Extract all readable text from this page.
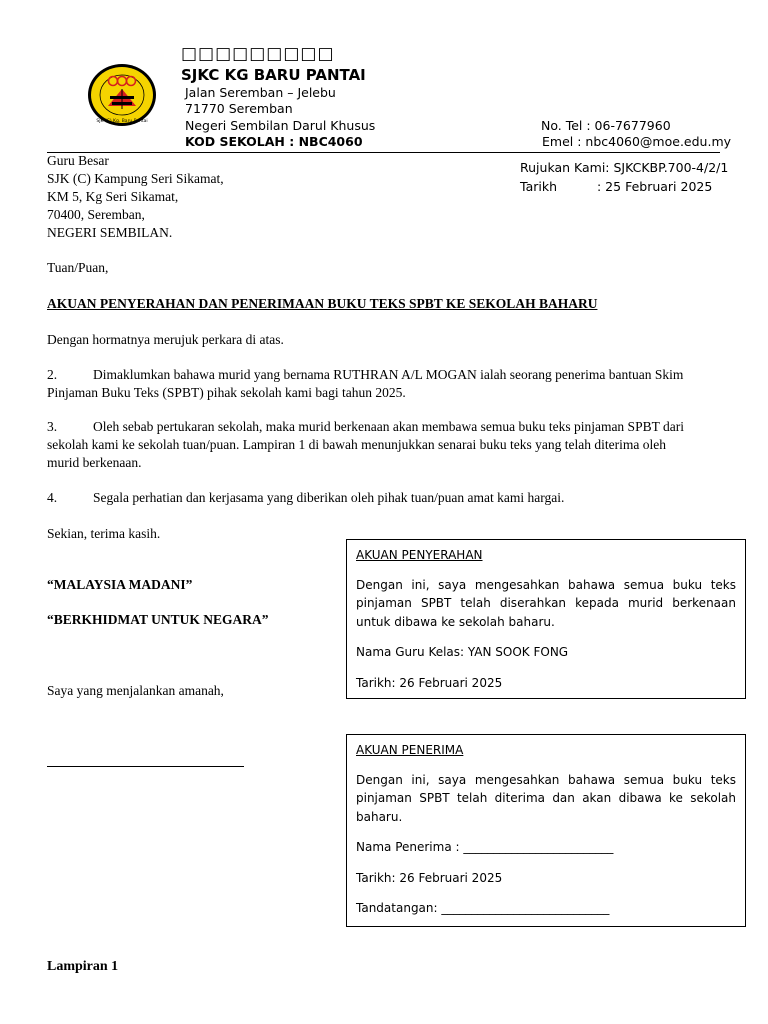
SJK (C) Kg. Baru Pantai
□□□□□□□□□
SJKC KG BARU PANTAI
Jalan Seremban – Jelebu
71770 Seremban
Negeri Sembilan Darul Khusus
KOD SEKOLAH : NBC4060
No. Tel : 06-7677960
Emel : nbc4060@moe.edu.my
Guru Besar
SJK (C) Kampung Seri Sikamat,
KM 5, Kg Seri Sikamat,
70400, Seremban,
NEGERI SEMBILAN.
Rujukan Kami: SJKCKBP.700-4/2/1
Tarikh	: 25 Februari 2025
Tuan/Puan,
AKUAN PENYERAHAN DAN PENERIMAAN BUKU TEKS SPBT KE SEKOLAH BAHARU
Dengan hormatnya merujuk perkara di atas.
2.	Dimaklumkan bahawa murid yang bernama RUTHRAN A/L MOGAN ialah seorang penerima bantuan Skim
Pinjaman Buku Teks (SPBT) pihak sekolah kami bagi tahun 2025.
3.	Oleh sebab pertukaran sekolah, maka murid berkenaan akan membawa semua buku teks pinjaman SPBT dari
sekolah kami ke sekolah tuan/puan. Lampiran 1 di bawah menunjukkan senarai buku teks yang telah diterima oleh
murid berkenaan.
4.	Segala perhatian dan kerjasama yang diberikan oleh pihak tuan/puan amat kami hargai.
Sekian, terima kasih.
“MALAYSIA MADANI”
“BERKHIDMAT UNTUK NEGARA”
Saya yang menjalankan amanah,
AKUAN PENYERAHAN

Dengan ini, saya mengesahkan bahawa semua buku teks pinjaman SPBT telah diserahkan kepada murid berkenaan untuk dibawa ke sekolah baharu.

Nama Guru Kelas: YAN SOOK FONG

Tarikh: 26 Februari 2025

AKUAN PENERIMA

Dengan ini, saya mengesahkan bahawa semua buku teks pinjaman SPBT telah diterima dan akan dibawa ke sekolah baharu.

Nama Penerima : _________________________

Tarikh: 26 Februari 2025

Tandatangan: ____________________________

Lampiran 1
